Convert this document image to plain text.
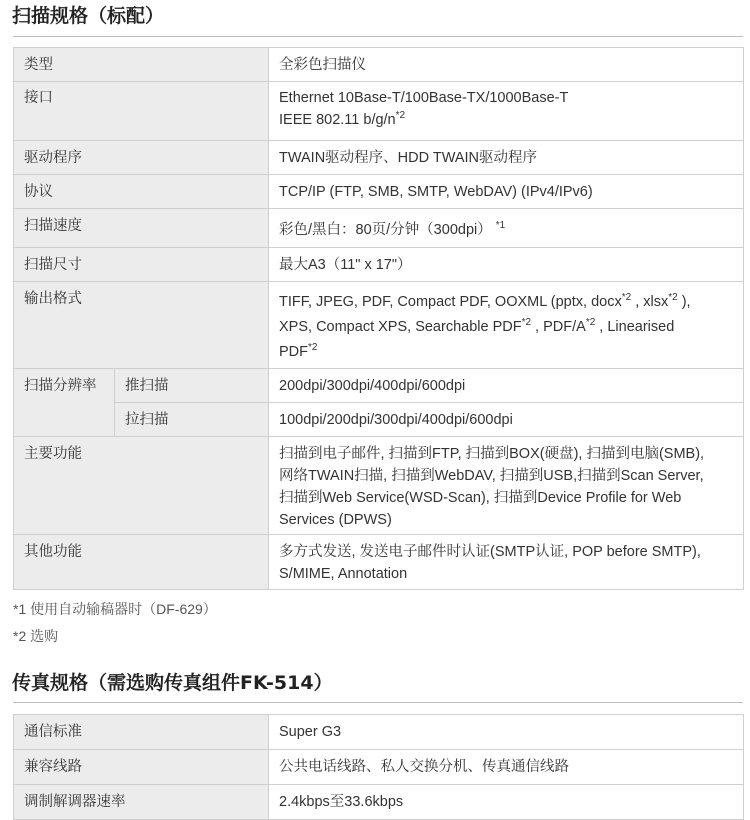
扫描规格（标配）
类型		全彩色扫描仪
接口		Ethernet 10Base-T/100Base-TX/1000Base-T
IEEE 802.11 $b/g/n^{*2}$

驱动程序		TWAIN驱动程序、HDD TWAIN驱动程序
协议		TCP/IP (FTP, SMB, SMTP, WebDAV) (IPv4/IPv6)
扫描速度		彩色/黑白：80页/分钟（300dpi） $^{*1}$
扫描尺寸		最大A3（11" x 17"）
输出格式		TIFF, JPEG, PDF, Compact PDF, OOXML (pptx, docx$^{*2}$ , xlsx$^{*2}$ ),
XPS, Compact XPS, Searchable PDF$^{*2}$ , PDF/$A^{*2}$ , Linearised
PDF$^{*2}$

扫描分辨率	推扫描	200dpi/300dpi/400dpi/600dpi
	拉扫描	100dpi/200dpi/300dpi/400dpi/600dpi
主要功能		扫描到电子邮件, 扫描到FTP, 扫描到BOX(硬盘), 扫描到电脑(SMB),
网络TWAIN扫描, 扫描到WebDAV, 扫描到USB,扫描到Scan Server,
扫描到Web Service(WSD-Scan), 扫描到Device Profile for Web
Services (DPWS)

其他功能		多方式发送, 发送电子邮件时认证(SMTP认证, POP before SMTP),
S/MIME, Annotation
*1 使用自动输稿器时（DF-629）
*2 选购
传真规格（需选购传真组件FK-514）
通信标准	Super G3
兼容线路	公共电话线路、私人交换分机、传真通信线路
调制解调器速率	2.4kbps至33.6kbps
